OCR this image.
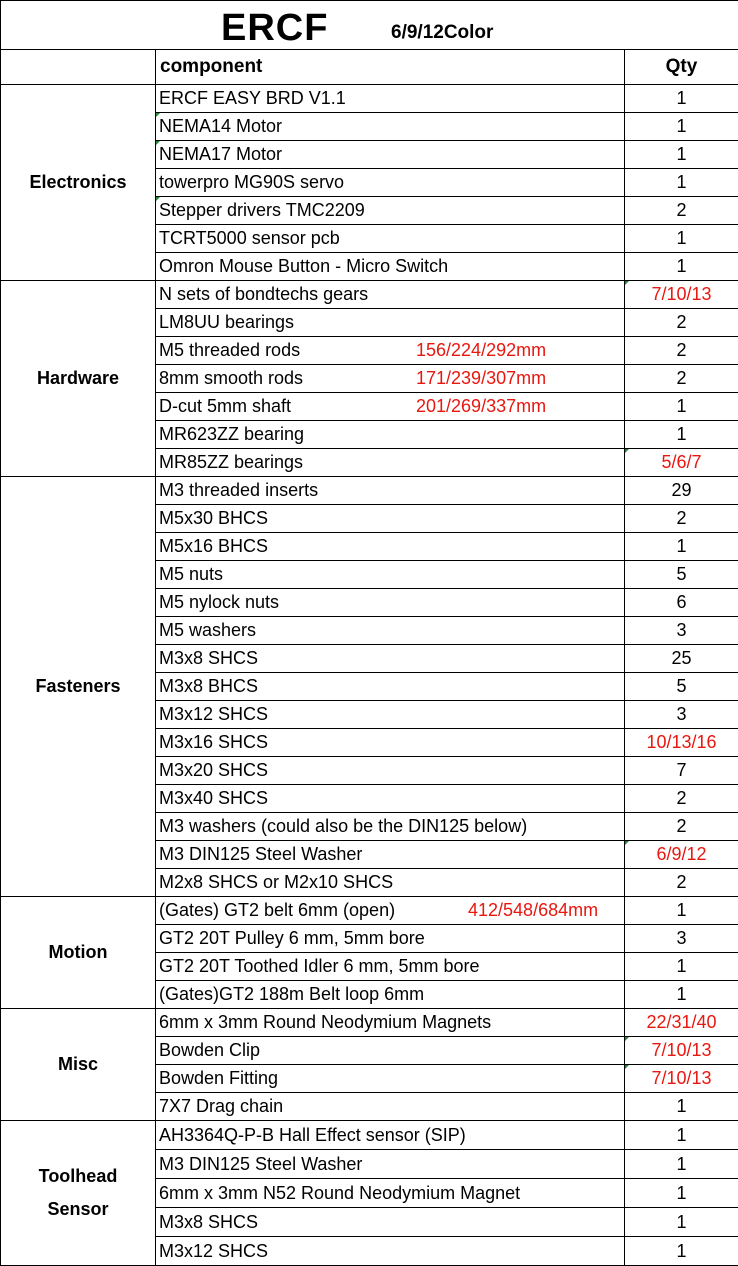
ERCF 6/9/12Color		

	component	Qty
Electronics	ERCF EASY BRD V1.1	1
	NEMA14 Motor	1
	NEMA17 Motor	1
	towerpro MG90S servo	1
	Stepper drivers TMC2209	2
	TCRT5000 sensor pcb	1
	Omron Mouse Button - Micro Switch	1
Hardware	N sets of bondtechs gears	7/10/13
	LM8UU bearings	2
	M5 threaded rods 156/224/292mm	2
	8mm smooth rods 171/239/307mm	2
	D-cut 5mm shaft 201/269/337mm	1
	MR623ZZ bearing	1
	MR85ZZ bearings	5/6/7
Fasteners	M3 threaded inserts	29
	M5x30 BHCS	2
	M5x16 BHCS	1
	M5 nuts	5
	M5 nylock nuts	6
	M5 washers	3
	M3x8 SHCS	25
	M3x8 BHCS	5
	M3x12 SHCS	3
	M3x16 SHCS	10/13/16
	M3x20 SHCS	7
	M3x40 SHCS	2
	M3 washers (could also be the DIN125 below)	2
	M3 DIN125 Steel Washer	6/9/12
	M2x8 SHCS or M2x10 SHCS	2
Motion	(Gates) GT2 belt 6mm (open) 412/548/684mm	1
	GT2 20T Pulley 6 mm, 5mm bore	3
	GT2 20T Toothed Idler 6 mm, 5mm bore	1
	(Gates)GT2 188m Belt loop 6mm	1
Misc	6mm x 3mm Round Neodymium Magnets	22/31/40
	Bowden Clip	7/10/13
	Bowden Fitting	7/10/13
	7X7 Drag chain	1

Toolhead
Sensor	AH3364Q-P-B Hall Effect sensor (SIP)	1
	M3 DIN125 Steel Washer	1
	6mm x 3mm N52 Round Neodymium Magnet	1
	M3x8 SHCS	1
	M3x12 SHCS	1
